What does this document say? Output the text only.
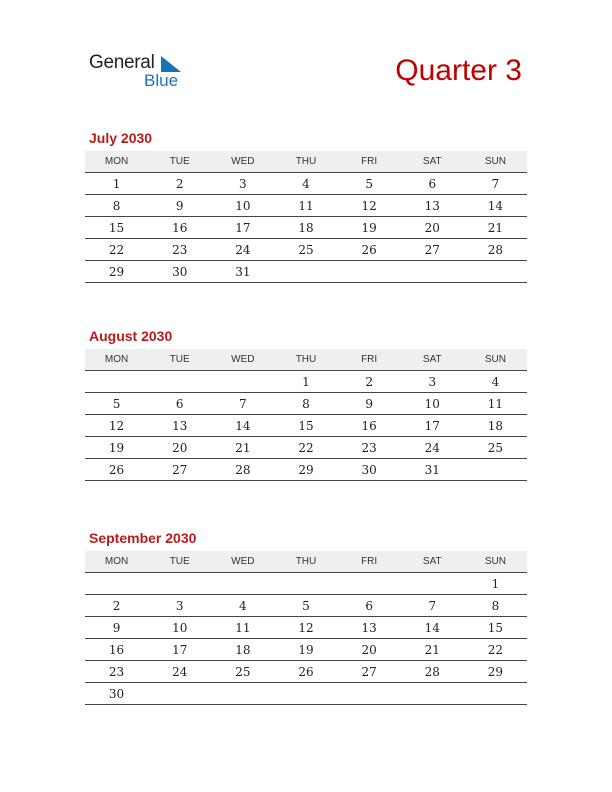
General
Blue	Quarter 3
July 2030
MON	TUE	WED	THU	FRI	SAT	SUN
1	2	3	4	5	6	7
8	9	10	11	12	13	14
15	16	17	18	19	20	21
22	23	24	25	26	27	28
29	30	31				
August 2030
MON	TUE	WED	THU	FRI	SAT	SUN
			1	2	3	4
5	6	7	8	9	10	11
12	13	14	15	16	17	18
19	20	21	22	23	24	25
26	27	28	29	30	31	
September 2030
MON	TUE	WED	THU	FRI	SAT	SUN
						1
2	3	4	5	6	7	8
9	10	11	12	13	14	15
16	17	18	19	20	21	22
23	24	25	26	27	28	29
30						
